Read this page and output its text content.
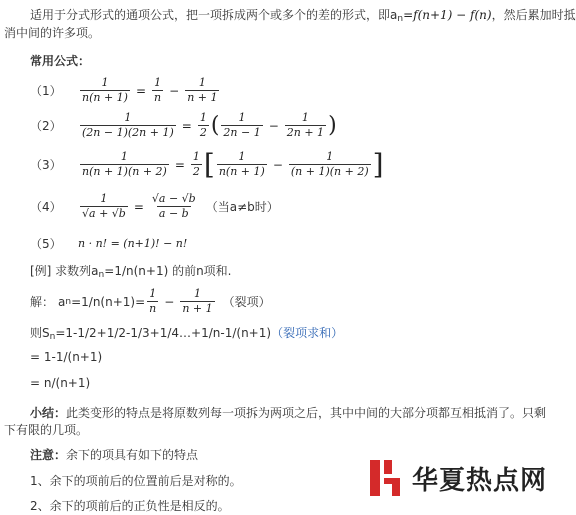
适用于分式形式的通项公式，把一项拆成两个或多个的差的形式，即$a_n=f(n+1) - f(n)$，然后累加时抵
消中间的许多项。
常用公式：
（1）	$\frac{1}{n(n + 1)} = \frac{1}{n} - \frac{1}{n + 1}$
（2）	$\frac{1}{(2n - 1)(2n + 1)} = \frac{1}{2}$ ( $\frac{1}{2n - 1} - \frac{1}{2n + 1}$ )
（3）	$\frac{1}{n(n + 1)(n + 2)} = \frac{1}{2}$ [ $\frac{1}{n(n + 1)} - \frac{1}{(n + 1)(n + 2)}$ ]
（4）	$\frac{1}{√a + √b} = \frac{√a - √b}{a - b}$ （当a≠b时）
（5）	n · n! = (n+1)! − n!
[例] 求数列$a_n=1/n(n+1)$ 的前n项和.
解： a $n =1/n(n+1)= \frac{1}{n} - \frac{1}{n + 1}$ （裂项）
则$S_n=1-1/2+1/2-1/3+1/4\dots+1/n-1/(n+1)$（裂项求和）
= 1-1/(n+1)
= n/(n+1)
小结：此类变形的特点是将原数列每一项拆为两项之后，其中中间的大部分项都互相抵消了。只剩
下有限的几项。
注意：余下的项具有如下的特点
1、余下的项前后的位置前后是对称的。
2、余下的项前后的正负性是相反的。
华夏热点网
